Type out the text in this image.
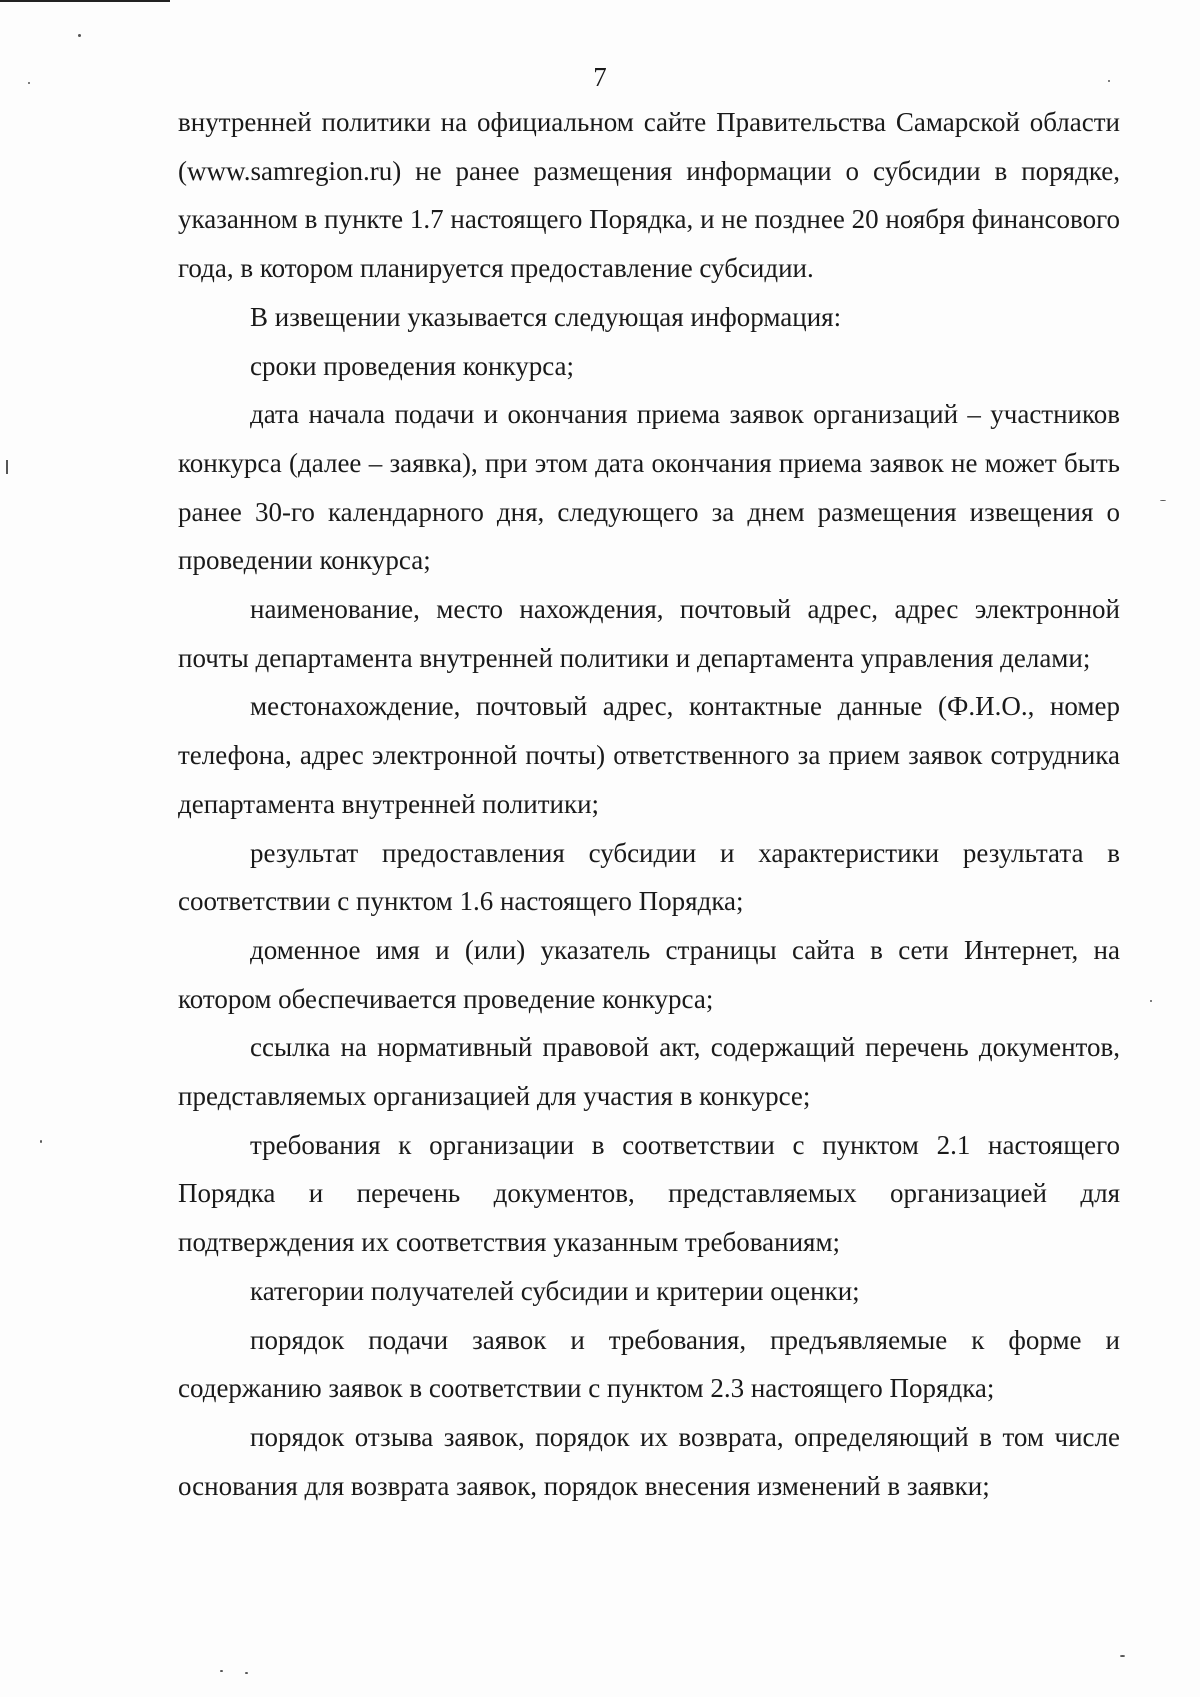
7

внутренней политики на официальном сайте Правительства Самарской области (www.samregion.ru) не ранее размещения информации о субсидии в порядке, указанном в пункте 1.7 настоящего Порядка, и не позднее 20 ноября финансового года, в котором планируется предоставление субсидии.

В извещении указывается следующая информация:

сроки проведения конкурса;

дата начала подачи и окончания приема заявок организаций – участников конкурса (далее – заявка), при этом дата окончания приема заявок не может быть ранее 30-го календарного дня, следующего за днем размещения извещения о проведении конкурса;

наименование, место нахождения, почтовый адрес, адрес электронной почты департамента внутренней политики и департамента управления делами;

местонахождение, почтовый адрес, контактные данные (Ф.И.О., номер телефона, адрес электронной почты) ответственного за прием заявок сотрудника департамента внутренней политики;

результат предоставления субсидии и характеристики результата в соответствии с пунктом 1.6 настоящего Порядка;

доменное имя и (или) указатель страницы сайта в сети Интернет, на котором обеспечивается проведение конкурса;

ссылка на нормативный правовой акт, содержащий перечень документов, представляемых организацией для участия в конкурсе;

требования к организации в соответствии с пунктом 2.1 настоящего Порядка и перечень документов, представляемых организацией для подтверждения их соответствия указанным требованиям;

категории получателей субсидии и критерии оценки;

порядок подачи заявок и требования, предъявляемые к форме и содержанию заявок в соответствии с пунктом 2.3 настоящего Порядка;

порядок отзыва заявок, порядок их возврата, определяющий в том числе основания для возврата заявок, порядок внесения изменений в заявки;
